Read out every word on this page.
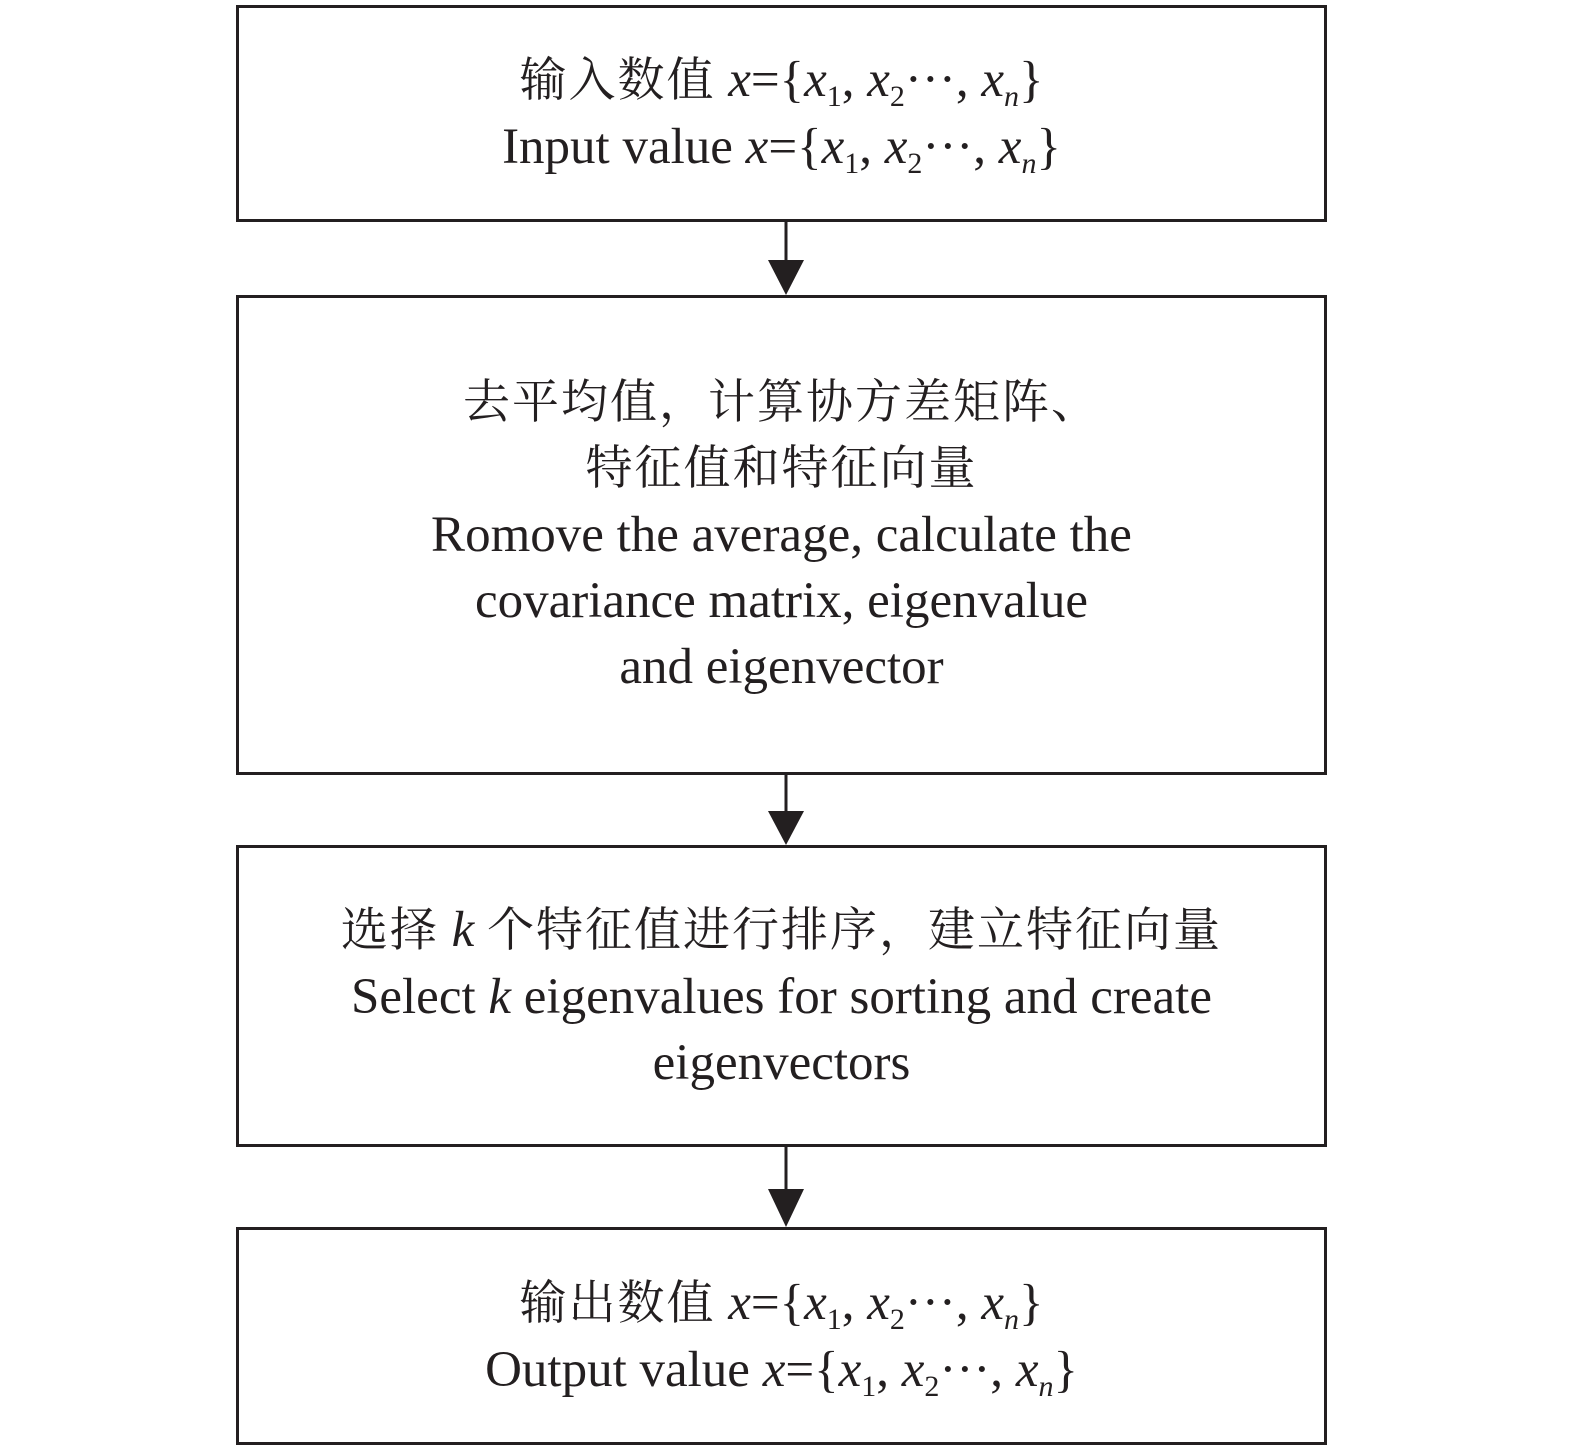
输入数值 $x=\{x_1$, $x_2\cdot\cdot\cdot$, $x_n$}
Input value $x=\{x_1$, $x_2\cdot\cdot\cdot$, $x_n$}
去平均值，计算协方差矩阵、
特征值和特征向量
Romove the average, calculate the
covariance matrix, eigenvalue
and eigenvector
选择 k 个特征值进行排序，建立特征向量
Select k eigenvalues for sorting and create
eigenvectors
输出数值 $x=\{x_1$, $x_2\cdot\cdot\cdot$, $x_n$}
Output value $x=\{x_1$, $x_2\cdot\cdot\cdot$, $x_n$}
